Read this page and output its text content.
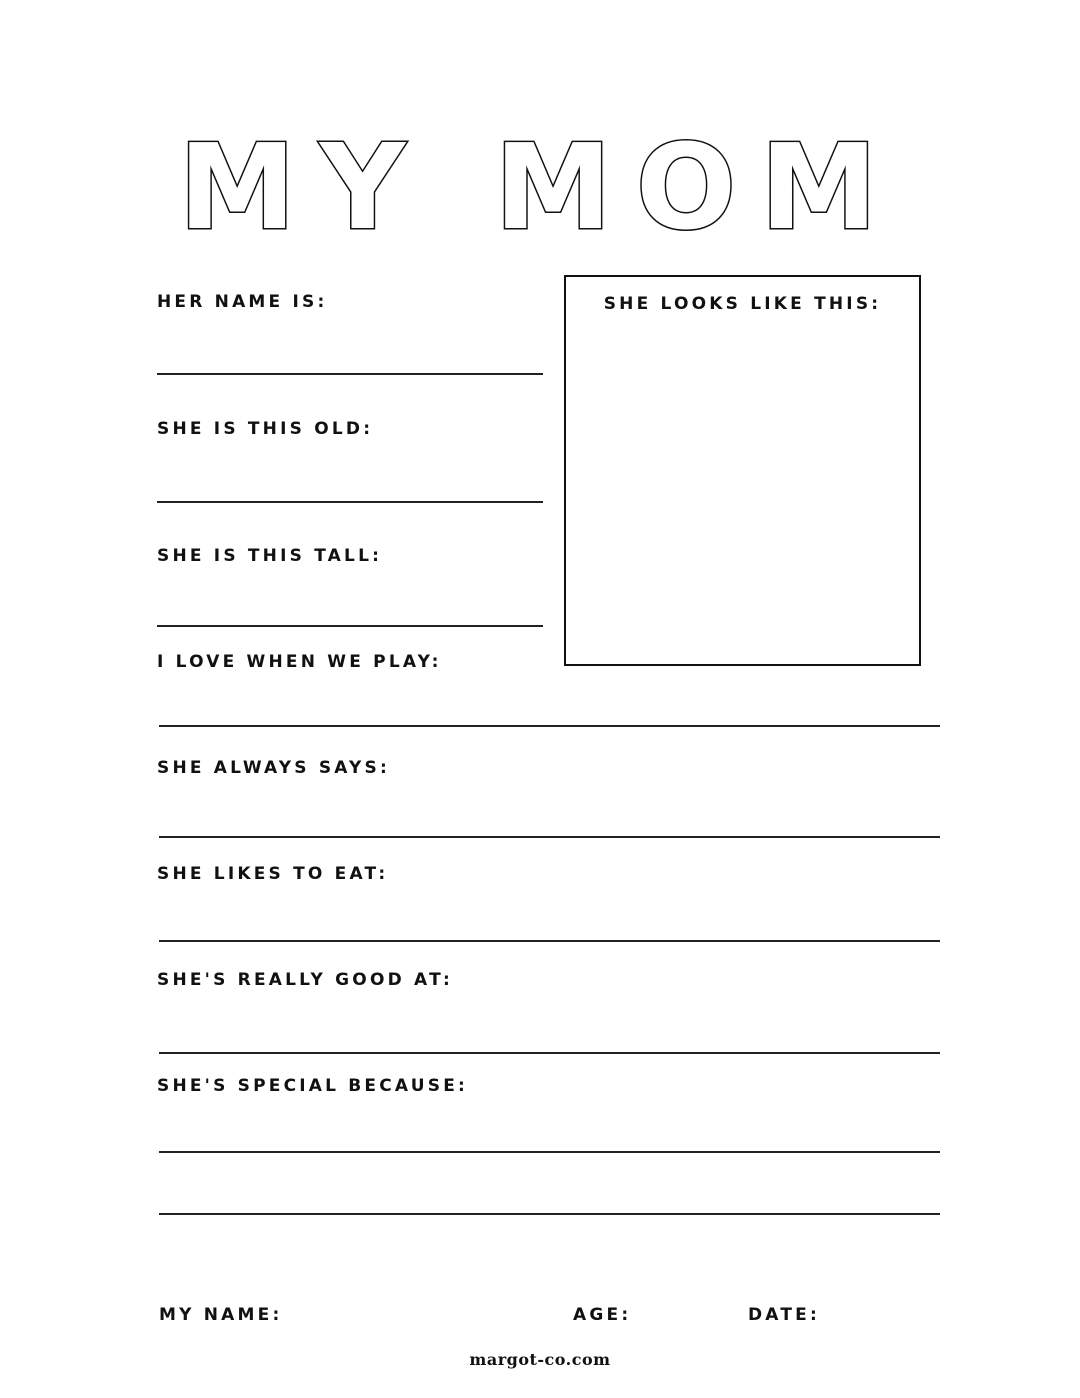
MY MOM
HER NAME IS:
SHE IS THIS OLD:
SHE IS THIS TALL:
SHE LOOKS LIKE THIS:
I LOVE WHEN WE PLAY:
SHE ALWAYS SAYS:
SHE LIKES TO EAT:
SHE'S REALLY GOOD AT:
SHE'S SPECIAL BECAUSE:
MY NAME:	AGE:	DATE:
margot-co.com
